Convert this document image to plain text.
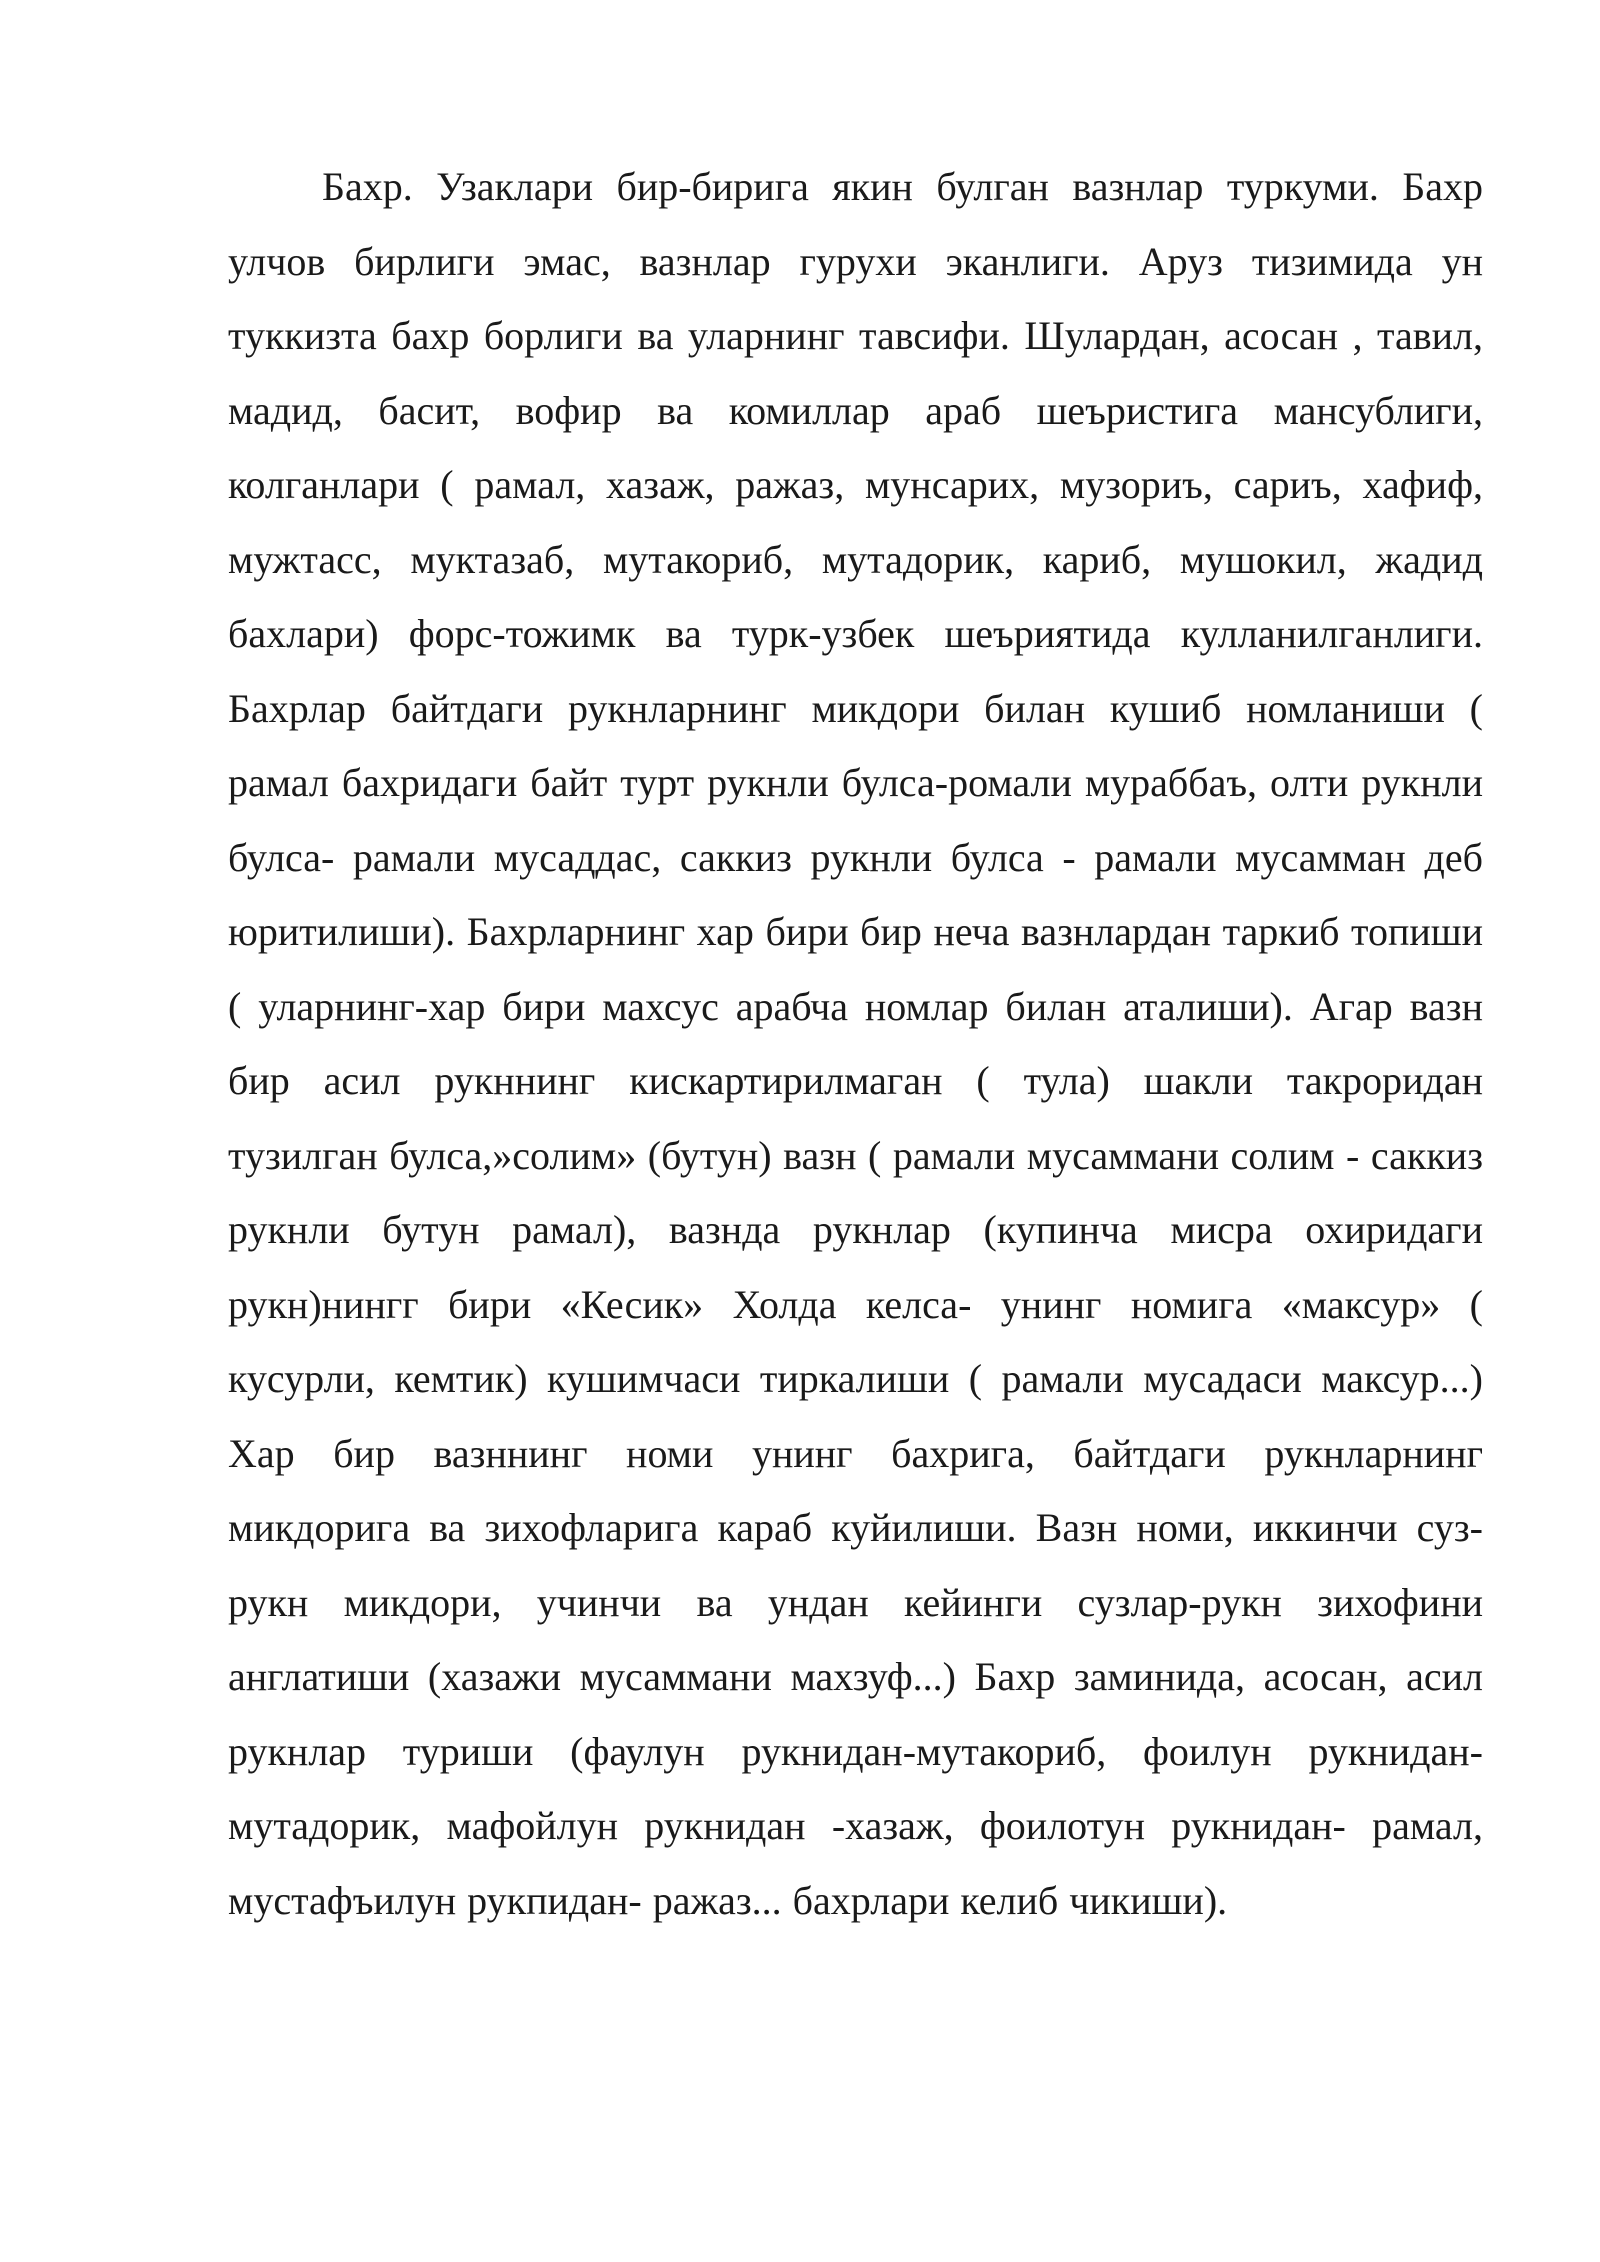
Бахр. Узаклари бир-бирига якин булган вазнлар туркуми. Бахр улчов бирлиги эмас, вазнлар гурухи эканлиги. Аруз тизимида ун туккизта бахр борлиги ва уларнинг тавсифи. Шулардан, асосан , тавил, мадид, басит, вофир ва комиллар араб шеъристига мансублиги, колганлари ( рамал, хазаж, ражаз, мунсарих, музориъ, сариъ, хафиф, мужтасс, муктазаб, мутакориб, мутадорик, кариб, мушокил, жадид бахлари) форс-тожимк ва турк-узбек шеъриятида кулланилганлиги. Бахрлар байтдаги рукнларнинг микдори билан кушиб номланиши ( рамал бахридаги байт турт рукнли булса-ромали мураббаъ, олти рукнли булса- рамали мусаддас, саккиз рукнли булса - рамали мусамман деб юритилиши). Бахрларнинг хар бири бир неча вазнлардан таркиб топиши ( уларнинг-хар бири махсус арабча номлар билан аталиши). Агар вазн бир асил рукннинг кискартирилмаган ( тула) шакли такроридан тузилган булса,»солим» (бутун) вазн ( рамали мусаммани солим - саккиз рукнли бутун рамал), вазнда рукнлар (купинча мисра охиридаги рукн)нингг бири «Кесик» Холда келса- унинг номига «максур» ( кусурли, кемтик) кушимчаси тиркалиши ( рамали мусадаси максур...) Хар бир вазннинг номи унинг бахрига, байтдаги рукнларнинг микдорига ва зихофларига караб куйилиши. Вазн номи, иккинчи суз- рукн микдори, учинчи ва ундан кейинги сузлар-рукн зихофини англатиши (хазажи мусаммани махзуф...) Бахр заминида, асосан, асил рукнлар туриши (фаулун рукнидан-мутакориб, фоилун рукнидан- мутадорик, мафойлун рукнидан -хазаж, фоилотун рукнидан- рамал, мустафъилун рукпидан- ражаз... бахрлари келиб чикиши).
